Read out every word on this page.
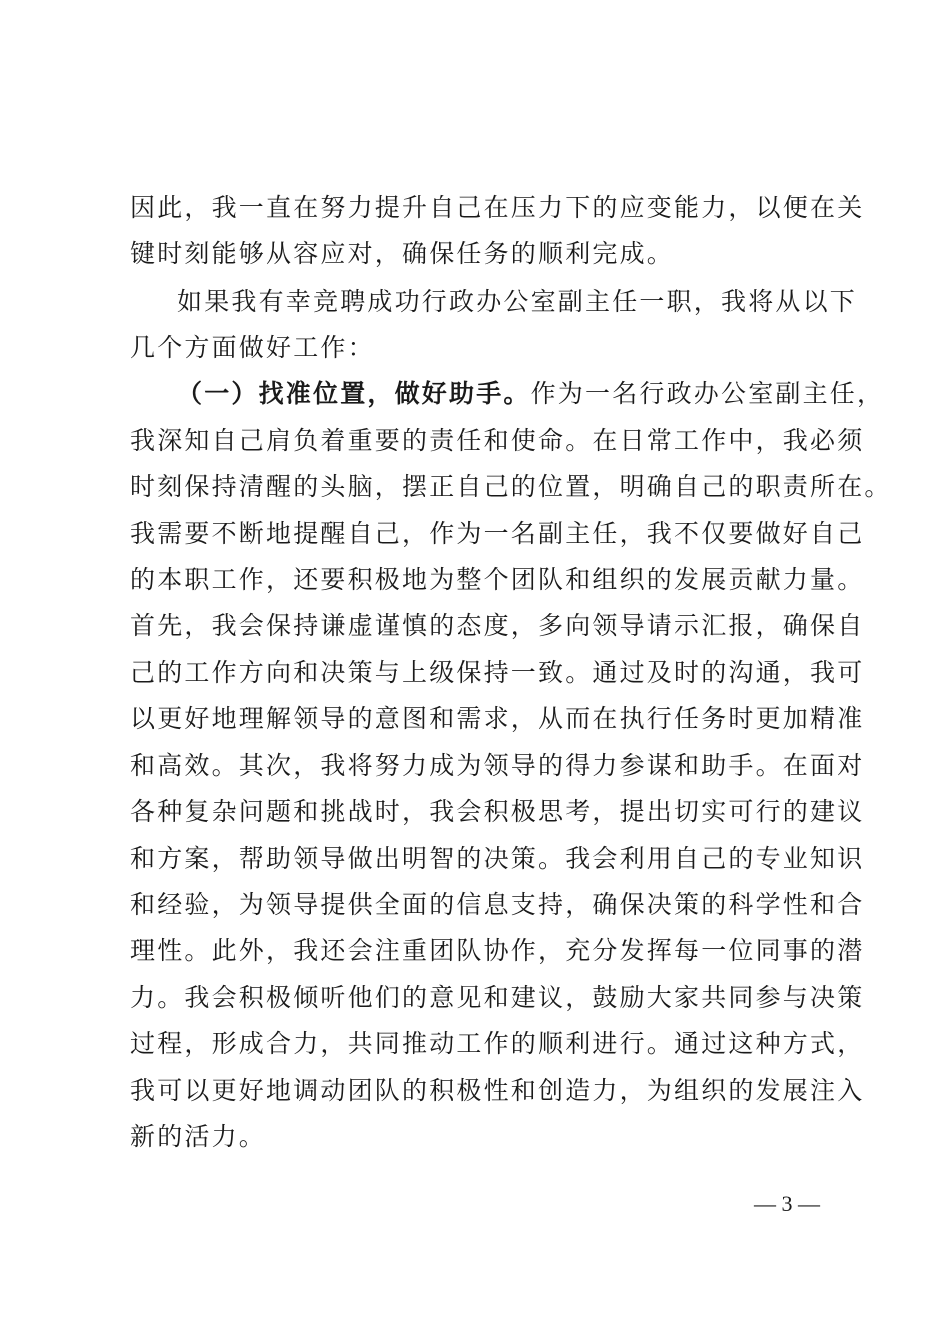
因此，我一直在努力提升自己在压力下的应变能力，以便在关
键时刻能够从容应对，确保任务的顺利完成。
如果我有幸竞聘成功行政办公室副主任一职，我将从以下
几个方面做好工作：
（一）找准位置，做好助手。作为一名行政办公室副主任，
我深知自己肩负着重要的责任和使命。在日常工作中，我必须
时刻保持清醒的头脑，摆正自己的位置，明确自己的职责所在。
我需要不断地提醒自己，作为一名副主任，我不仅要做好自己
的本职工作，还要积极地为整个团队和组织的发展贡献力量。
首先，我会保持谦虚谨慎的态度，多向领导请示汇报，确保自
己的工作方向和决策与上级保持一致。通过及时的沟通，我可
以更好地理解领导的意图和需求，从而在执行任务时更加精准
和高效。其次，我将努力成为领导的得力参谋和助手。在面对
各种复杂问题和挑战时，我会积极思考，提出切实可行的建议
和方案，帮助领导做出明智的决策。我会利用自己的专业知识
和经验，为领导提供全面的信息支持，确保决策的科学性和合
理性。此外，我还会注重团队协作，充分发挥每一位同事的潜
力。我会积极倾听他们的意见和建议，鼓励大家共同参与决策
过程，形成合力，共同推动工作的顺利进行。通过这种方式，
我可以更好地调动团队的积极性和创造力，为组织的发展注入
新的活力。
— 3 —
